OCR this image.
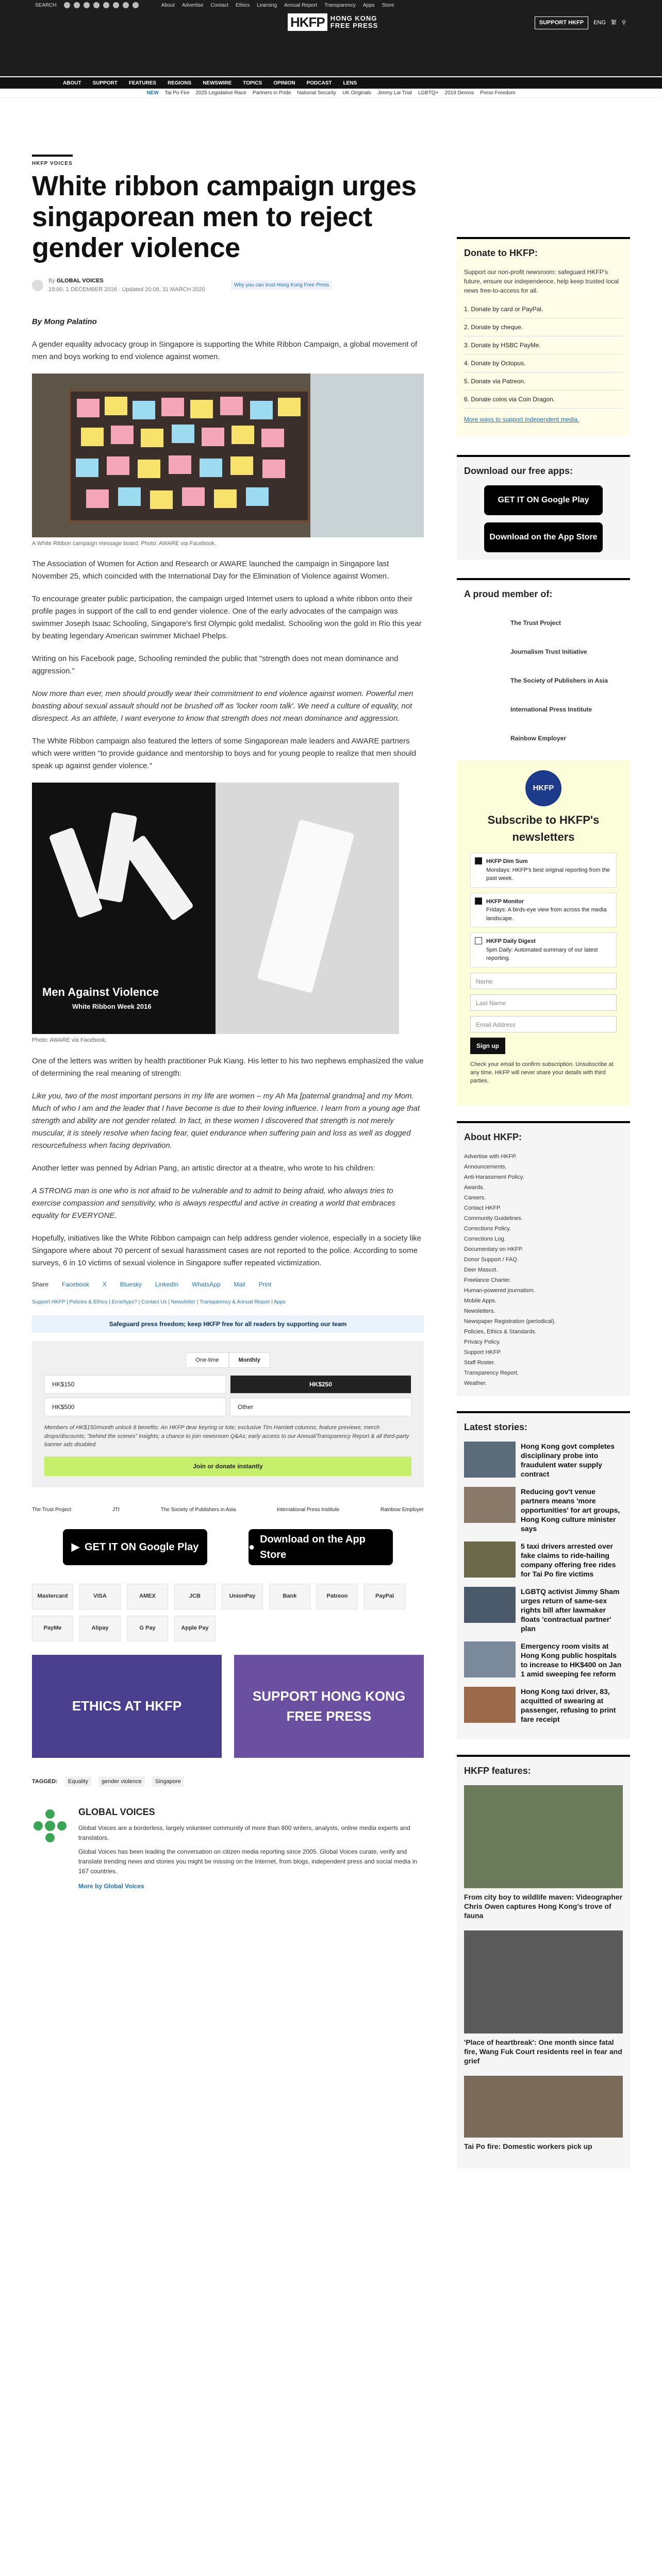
SEARCH	About Advertise Contact Ethics Learning Annual Report Transparency Apps Store
HKFP HONG KONG
FREE PRESS	SUPPORT HKFP	ENG 繁 ⚲
ABOUT SUPPORT FEATURES REGIONS NEWSWIRE TOPICS OPINION PODCAST LENS
NEW Tai Po Fire 2025 Legislative Race Partners in Pride National Security UK Originals Jimmy Lai Trial LGBTQ+ 2019 Demos Press Freedom
HKFP VOICES
White ribbon campaign urges singaporean men to reject gender violence
By GLOBAL VOICES
19:00, 1 DECEMBER 2016 · Updated 20:08, 31 MARCH 2020
Why you can trust Hong Kong Free Press
By Mong Palatino

A gender equality advocacy group in Singapore is supporting the White Ribbon Campaign, a global movement of men and boys working to end violence against women.

A White Ribbon campaign message board. Photo: AWARE via Facebook.

The Association of Women for Action and Research or AWARE launched the campaign in Singapore last November 25, which coincided with the International Day for the Elimination of Violence against Women.

To encourage greater public participation, the campaign urged Internet users to upload a white ribbon onto their profile pages in support of the call to end gender violence. One of the early advocates of the campaign was swimmer Joseph Isaac Schooling, Singapore's first Olympic gold medalist. Schooling won the gold in Rio this year by beating legendary American swimmer Michael Phelps.

Writing on his Facebook page, Schooling reminded the public that "strength does not mean dominance and aggression."

Now more than ever, men should proudly wear their commitment to end violence against women. Powerful men boasting about sexual assault should not be brushed off as 'locker room talk'. We need a culture of equality, not disrespect. As an athlete, I want everyone to know that strength does not mean dominance and aggression.

The White Ribbon campaign also featured the letters of some Singaporean male leaders and AWARE partners which were written "to provide guidance and mentorship to boys and for young people to realize that men should speak up against gender violence."

Men Against Violence
White Ribbon Week 2016
Photo: AWARE via Facebook.

One of the letters was written by health practitioner Puk Kiang. His letter to his two nephews emphasized the value of determining the real meaning of strength:

Like you, two of the most important persons in my life are women – my Ah Ma [paternal grandma] and my Mom. Much of who I am and the leader that I have become is due to their loving influence. I learn from a young age that strength and ability are not gender related. In fact, in these women I discovered that strength is not merely muscular, it is steely resolve when facing fear, quiet endurance when suffering pain and loss as well as dogged resourcefulness when facing deprivation.

Another letter was penned by Adrian Pang, an artistic director at a theatre, who wrote to his children:

A STRONG man is one who is not afraid to be vulnerable and to admit to being afraid, who always tries to exercise compassion and sensitivity, who is always respectful and active in creating a world that embraces equality for EVERYONE.

Hopefully, initiatives like the White Ribbon campaign can help address gender violence, especially in a society like Singapore where about 70 percent of sexual harassment cases are not reported to the police. According to some surveys, 6 in 10 victims of sexual violence in Singapore suffer repeated victimization.

Share Facebook X Bluesky LinkedIn WhatsApp Mail Print
Support HKFP | Policies & Ethics | Error/typo? | Contact Us | Newsletter | Transparency & Annual Report | Apps
Safeguard press freedom; keep HKFP free for all readers by supporting our team
One-time	Monthly
HK$150	HK$250
HK$500	Other
Members of HK$150/month unlock 8 benefits: An HKFP dear keyring or tote; exclusive Tim Hamlett columns; feature previews; merch drops/discounts; "behind the scenes" insights; a chance to join newsroom Q&As; early access to our Annual/Transparency Report & all third-party banner ads disabled.
Join or donate instantly
The Trust Project	JTI	The Society of Publishers in Asia	International Press Institute	Rainbow Employer
▶ GET IT ON Google Play	●
Download on the App Store
Mastercard	VISA	AMEX	JCB	UnionPay	Bank	Patreon	PayPal
PayMe	Alipay	G Pay	Apple Pay
ETHICS AT HKFP
SUPPORT HONG KONG FREE PRESS
TAGGED:	Equality	gender violence	Singapore
GLOBAL VOICES

Global Voices are a borderless, largely volunteer community of more than 800 writers, analysts, online media experts and translators.

Global Voices has been leading the conversation on citizen media reporting since 2005. Global Voices curate, verify and translate trending news and stories you might be missing on the Internet, from blogs, independent press and social media in 167 countries.

More by Global Voices
Donate to HKFP:

Support our non-profit newsroom: safeguard HKFP's future, ensure our independence, help keep trusted local news free-to-access for all.

1. Donate by card or PayPal.
2. Donate by cheque.
3. Donate by HSBC PayMe.
4. Donate by Octopus.
5. Donate via Patreon.
6. Donate coins via Coin Dragon.

More ways to support independent media.

Download our free apps:
GET IT ON Google Play
Download on the App Store
A proud member of:
The Trust Project
Journalism Trust Initiative
The Society of Publishers in Asia
International Press Institute
Rainbow Employer
HKFP
Subscribe to HKFP's newsletters
HKFP Dim Sum
Mondays: HKFP's best original reporting from the past week.
HKFP Monitor
Fridays: A birds-eye view from across the media landscape.
HKFP Daily Digest
5pm Daily: Automated summary of our latest reporting.
Name
Last Name
Email Address
Sign up

Check your email to confirm subscription. Unsubscribe at any time. HKFP will never share your details with third parties.

About HKFP:
Advertise with HKFP.
Announcements.
Anti-Harassment Policy.
Awards.
Careers.
Contact HKFP.
Community Guidelines.
Corrections Policy.
Corrections Log.
Documentary on HKFP.
Donor Support / FAQ.
Deer Mascot.
Freelance Charter.
Human-powered journalism.
Mobile Apps.
Newsletters.
Newspaper Registration (periodical).
Policies, Ethics & Standards.
Privacy Policy.
Support HKFP.
Staff Roster.
Transparency Report.
Weather.
Latest stories:
Hong Kong govt completes disciplinary probe into fraudulent water supply contract
Reducing gov't venue partners means 'more opportunities' for art groups, Hong Kong culture minister says
5 taxi drivers arrested over fake claims to ride-hailing company offering free rides for Tai Po fire victims
LGBTQ activist Jimmy Sham urges return of same-sex rights bill after lawmaker floats 'contractual partner' plan
Emergency room visits at Hong Kong public hospitals to increase to HK$400 on Jan 1 amid sweeping fee reform
Hong Kong taxi driver, 83, acquitted of swearing at passenger, refusing to print fare receipt
HKFP features:
From city boy to wildlife maven: Videographer Chris Owen captures Hong Kong's trove of fauna
'Place of heartbreak': One month since fatal fire, Wang Fuk Court residents reel in fear and grief
Tai Po fire: Domestic workers pick up
